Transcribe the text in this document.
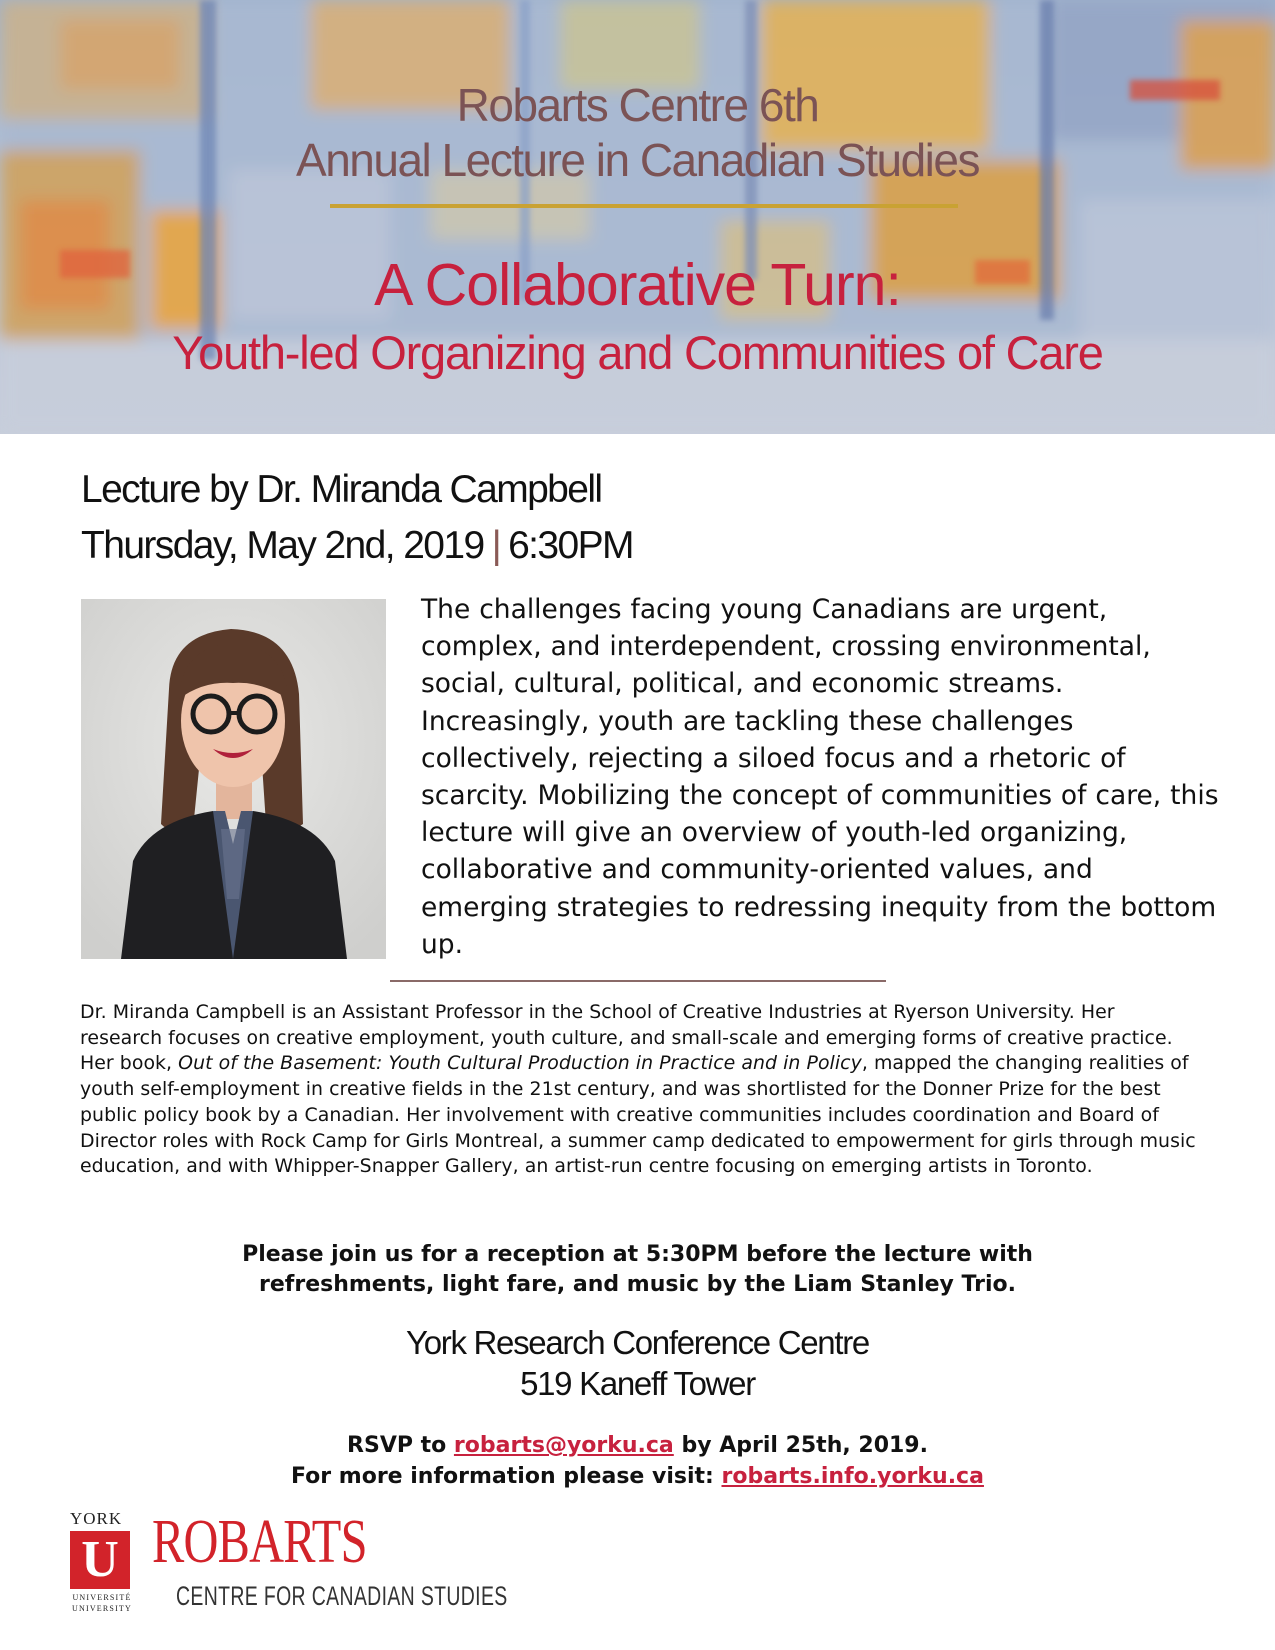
Robarts Centre 6th
Annual Lecture in Canadian Studies

A Collaborative Turn:

Youth-led Organizing and Communities of Care

Lecture by Dr. Miranda Campbell

Thursday, May 2nd, 2019 | 6:30PM

The challenges facing young Canadians are urgent, complex, and interdependent, crossing environmental, social, cultural, political, and economic streams. Increasingly, youth are tackling these challenges collectively, rejecting a siloed focus and a rhetoric of scarcity. Mobilizing the concept of communities of care, this lecture will give an overview of youth-led organizing, collaborative and community-oriented values, and emerging strategies to redressing inequity from the bottom up.

Dr. Miranda Campbell is an Assistant Professor in the School of Creative Industries at Ryerson University. Her research focuses on creative employment, youth culture, and small-scale and emerging forms of creative practice. Her book, Out of the Basement: Youth Cultural Production in Practice and in Policy, mapped the changing realities of youth self-employment in creative fields in the 21st century, and was shortlisted for the Donner Prize for the best public policy book by a Canadian. Her involvement with creative communities includes coordination and Board of Director roles with Rock Camp for Girls Montreal, a summer camp dedicated to empowerment for girls through music education, and with Whipper-Snapper Gallery, an artist-run centre focusing on emerging artists in Toronto.

Please join us for a reception at 5:30PM before the lecture with
refreshments, light fare, and music by the Liam Stanley Trio.

York Research Conference Centre
519 Kaneff Tower

RSVP to robarts@yorku.ca by April 25th, 2019.
For more information please visit: robarts.info.yorku.ca

YORK
U
UNIVERSITÉ
UNIVERSITY
ROBARTS
CENTRE FOR CANADIAN STUDIES
